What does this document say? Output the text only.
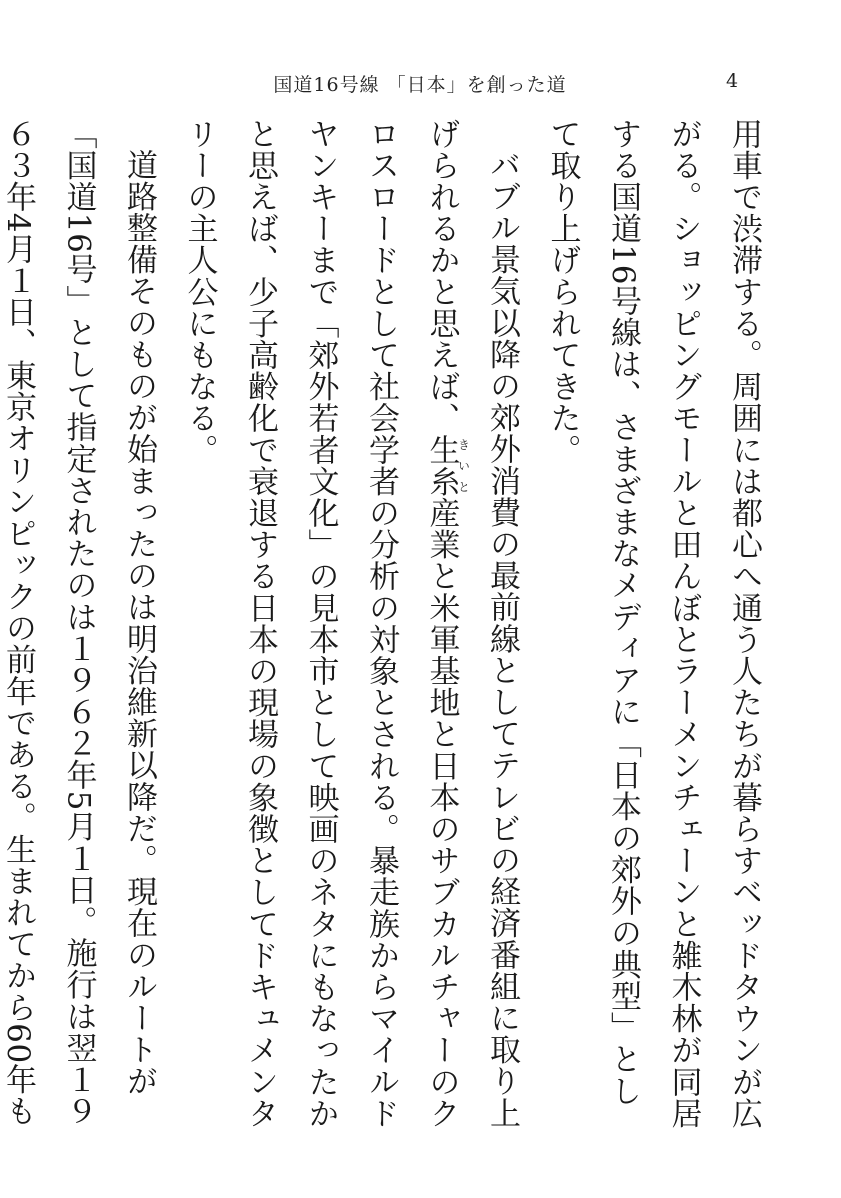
国道16号線 「日本」を創った道	4

用車で渋滞する。周囲には都心へ通う人たちが暮らすベッドタウンが広がる。ショッピングモールと田んぼとラーメンチェーンと雑木林が同居する国道16号線は、さまざまなメディアに「日本の郊外の典型」として取り上げられてきた。

バブル景気以降の郊外消費の最前線としてテレビの経済番組に取り上げられるかと思えば、生糸きいと産業と米軍基地と日本のサブカルチャーのクロスロードとして社会学者の分析の対象とされる。暴走族からマイルドヤンキーまで「郊外若者文化」の見本市として映画のネタにもなったかと思えば、少子高齢化で衰退する日本の現場の象徴としてドキュメンタリーの主人公にもなる。

道路整備そのものが始まったのは明治維新以降だ。現在のルートが「国道16号」として指定されたのは１９６２年5月１日。施行は翌１９６３年4月１日、東京オリンピックの前年である。生まれてから60年も
